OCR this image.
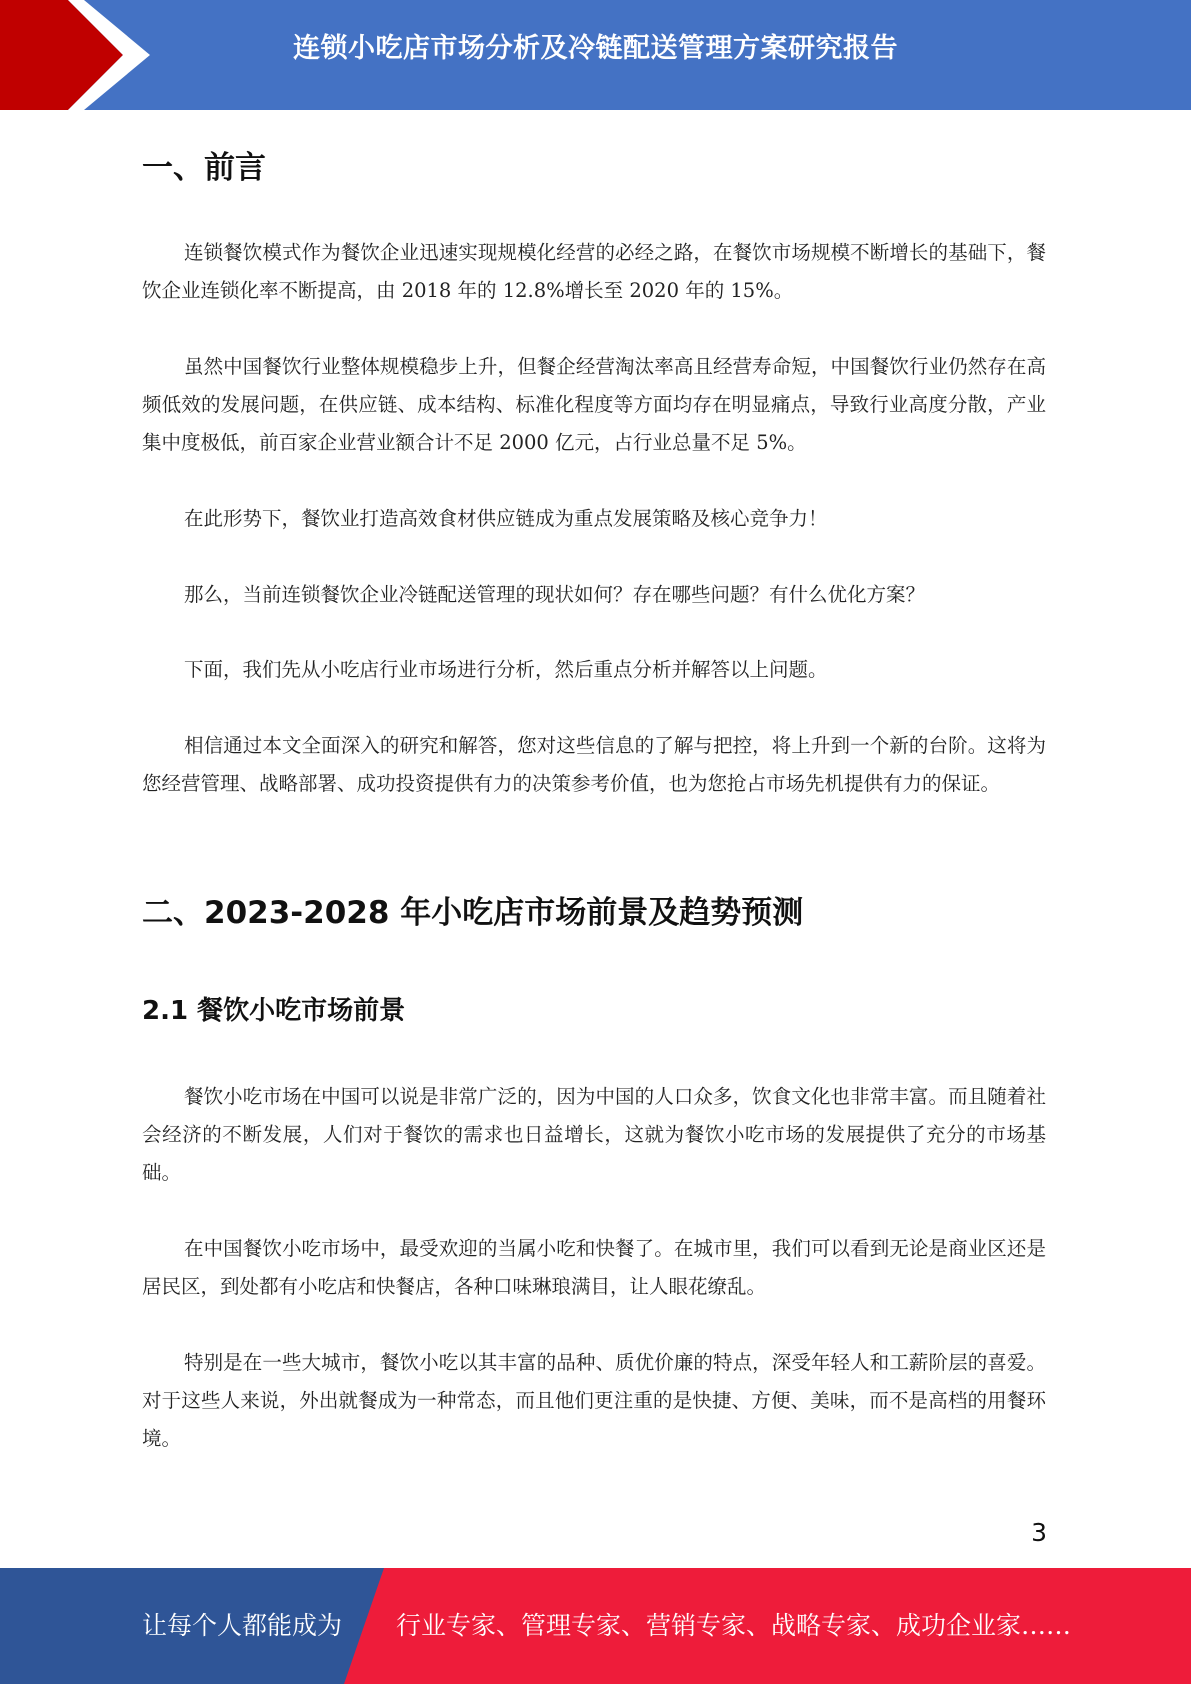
连锁小吃店市场分析及冷链配送管理方案研究报告
一、前言

连锁餐饮模式作为餐饮企业迅速实现规模化经营的必经之路，在餐饮市场规模不断增长的基础下，餐饮企业连锁化率不断提高，由 2018 年的 12.8%增长至 2020 年的 15%。

虽然中国餐饮行业整体规模稳步上升，但餐企经营淘汰率高且经营寿命短，中国餐饮行业仍然存在高频低效的发展问题，在供应链、成本结构、标准化程度等方面均存在明显痛点，导致行业高度分散，产业集中度极低，前百家企业营业额合计不足 2000 亿元，占行业总量不足 5%。

在此形势下，餐饮业打造高效食材供应链成为重点发展策略及核心竞争力！

那么，当前连锁餐饮企业冷链配送管理的现状如何？存在哪些问题？有什么优化方案？

下面，我们先从小吃店行业市场进行分析，然后重点分析并解答以上问题。

相信通过本文全面深入的研究和解答，您对这些信息的了解与把控，将上升到一个新的台阶。这将为您经营管理、战略部署、成功投资提供有力的决策参考价值，也为您抢占市场先机提供有力的保证。

二、2023-2028 年小吃店市场前景及趋势预测
2.1 餐饮小吃市场前景

餐饮小吃市场在中国可以说是非常广泛的，因为中国的人口众多，饮食文化也非常丰富。而且随着社会经济的不断发展，人们对于餐饮的需求也日益增长，这就为餐饮小吃市场的发展提供了充分的市场基础。

在中国餐饮小吃市场中，最受欢迎的当属小吃和快餐了。在城市里，我们可以看到无论是商业区还是居民区，到处都有小吃店和快餐店，各种口味琳琅满目，让人眼花缭乱。

特别是在一些大城市，餐饮小吃以其丰富的品种、质优价廉的特点，深受年轻人和工薪阶层的喜爱。对于这些人来说，外出就餐成为一种常态，而且他们更注重的是快捷、方便、美味，而不是高档的用餐环境。

3
让每个人都能成为 行业专家、管理专家、营销专家、战略专家、成功企业家……
